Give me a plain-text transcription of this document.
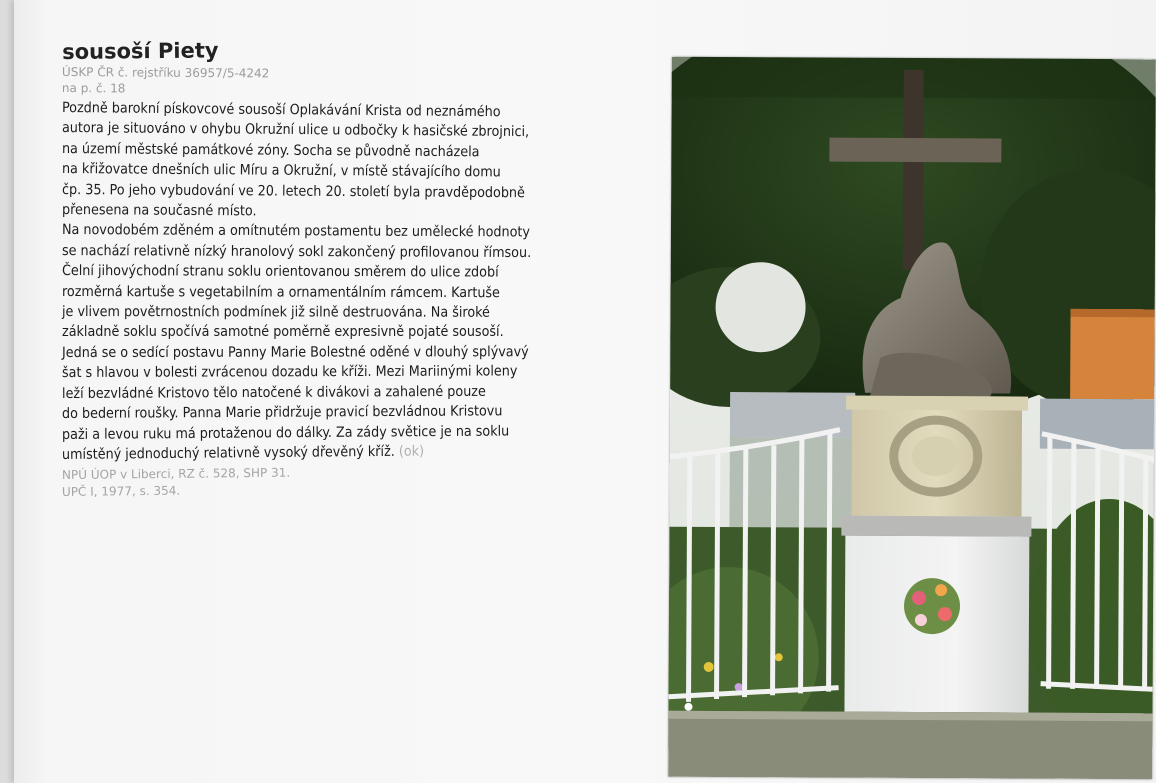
sousoší Piety
ÚSKP ČR č. rejstříku 36957/5-4242
na p. č. 18
Pozdně barokní pískovcové sousoší Oplakávání Krista od neznámého
autora je situováno v ohybu Okružní ulice u odbočky k hasičské zbrojnici,
na území městské památkové zóny. Socha se původně nacházela
na křižovatce dnešních ulic Míru a Okružní, v místě stávajícího domu
čp. 35. Po jeho vybudování ve 20. letech 20. století byla pravděpodobně
přenesena na současné místo.
Na novodobém zděném a omítnutém postamentu bez umělecké hodnoty
se nachází relativně nízký hranolový sokl zakončený profilovanou římsou.
Čelní jihovýchodní stranu soklu orientovanou směrem do ulice zdobí
rozměrná kartuše s vegetabilním a ornamentálním rámcem. Kartuše
je vlivem povětrnostních podmínek již silně destruována. Na široké
základně soklu spočívá samotné poměrně expresivně pojaté sousoší.
Jedná se o sedící postavu Panny Marie Bolestné oděné v dlouhý splývavý
šat s hlavou v bolesti zvrácenou dozadu ke kříži. Mezi Mariinými koleny
leží bezvládné Kristovo tělo natočené k divákovi a zahalené pouze
do bederní roušky. Panna Marie přidržuje pravicí bezvládnou Kristovu
paži a levou ruku má protaženou do dálky. Za zády světice je na soklu
umístěný jednoduchý relativně vysoký dřevěný kříž. (ok)
NPÚ ÚOP v Liberci, RZ č. 528, SHP 31.
UPČ I, 1977, s. 354.
